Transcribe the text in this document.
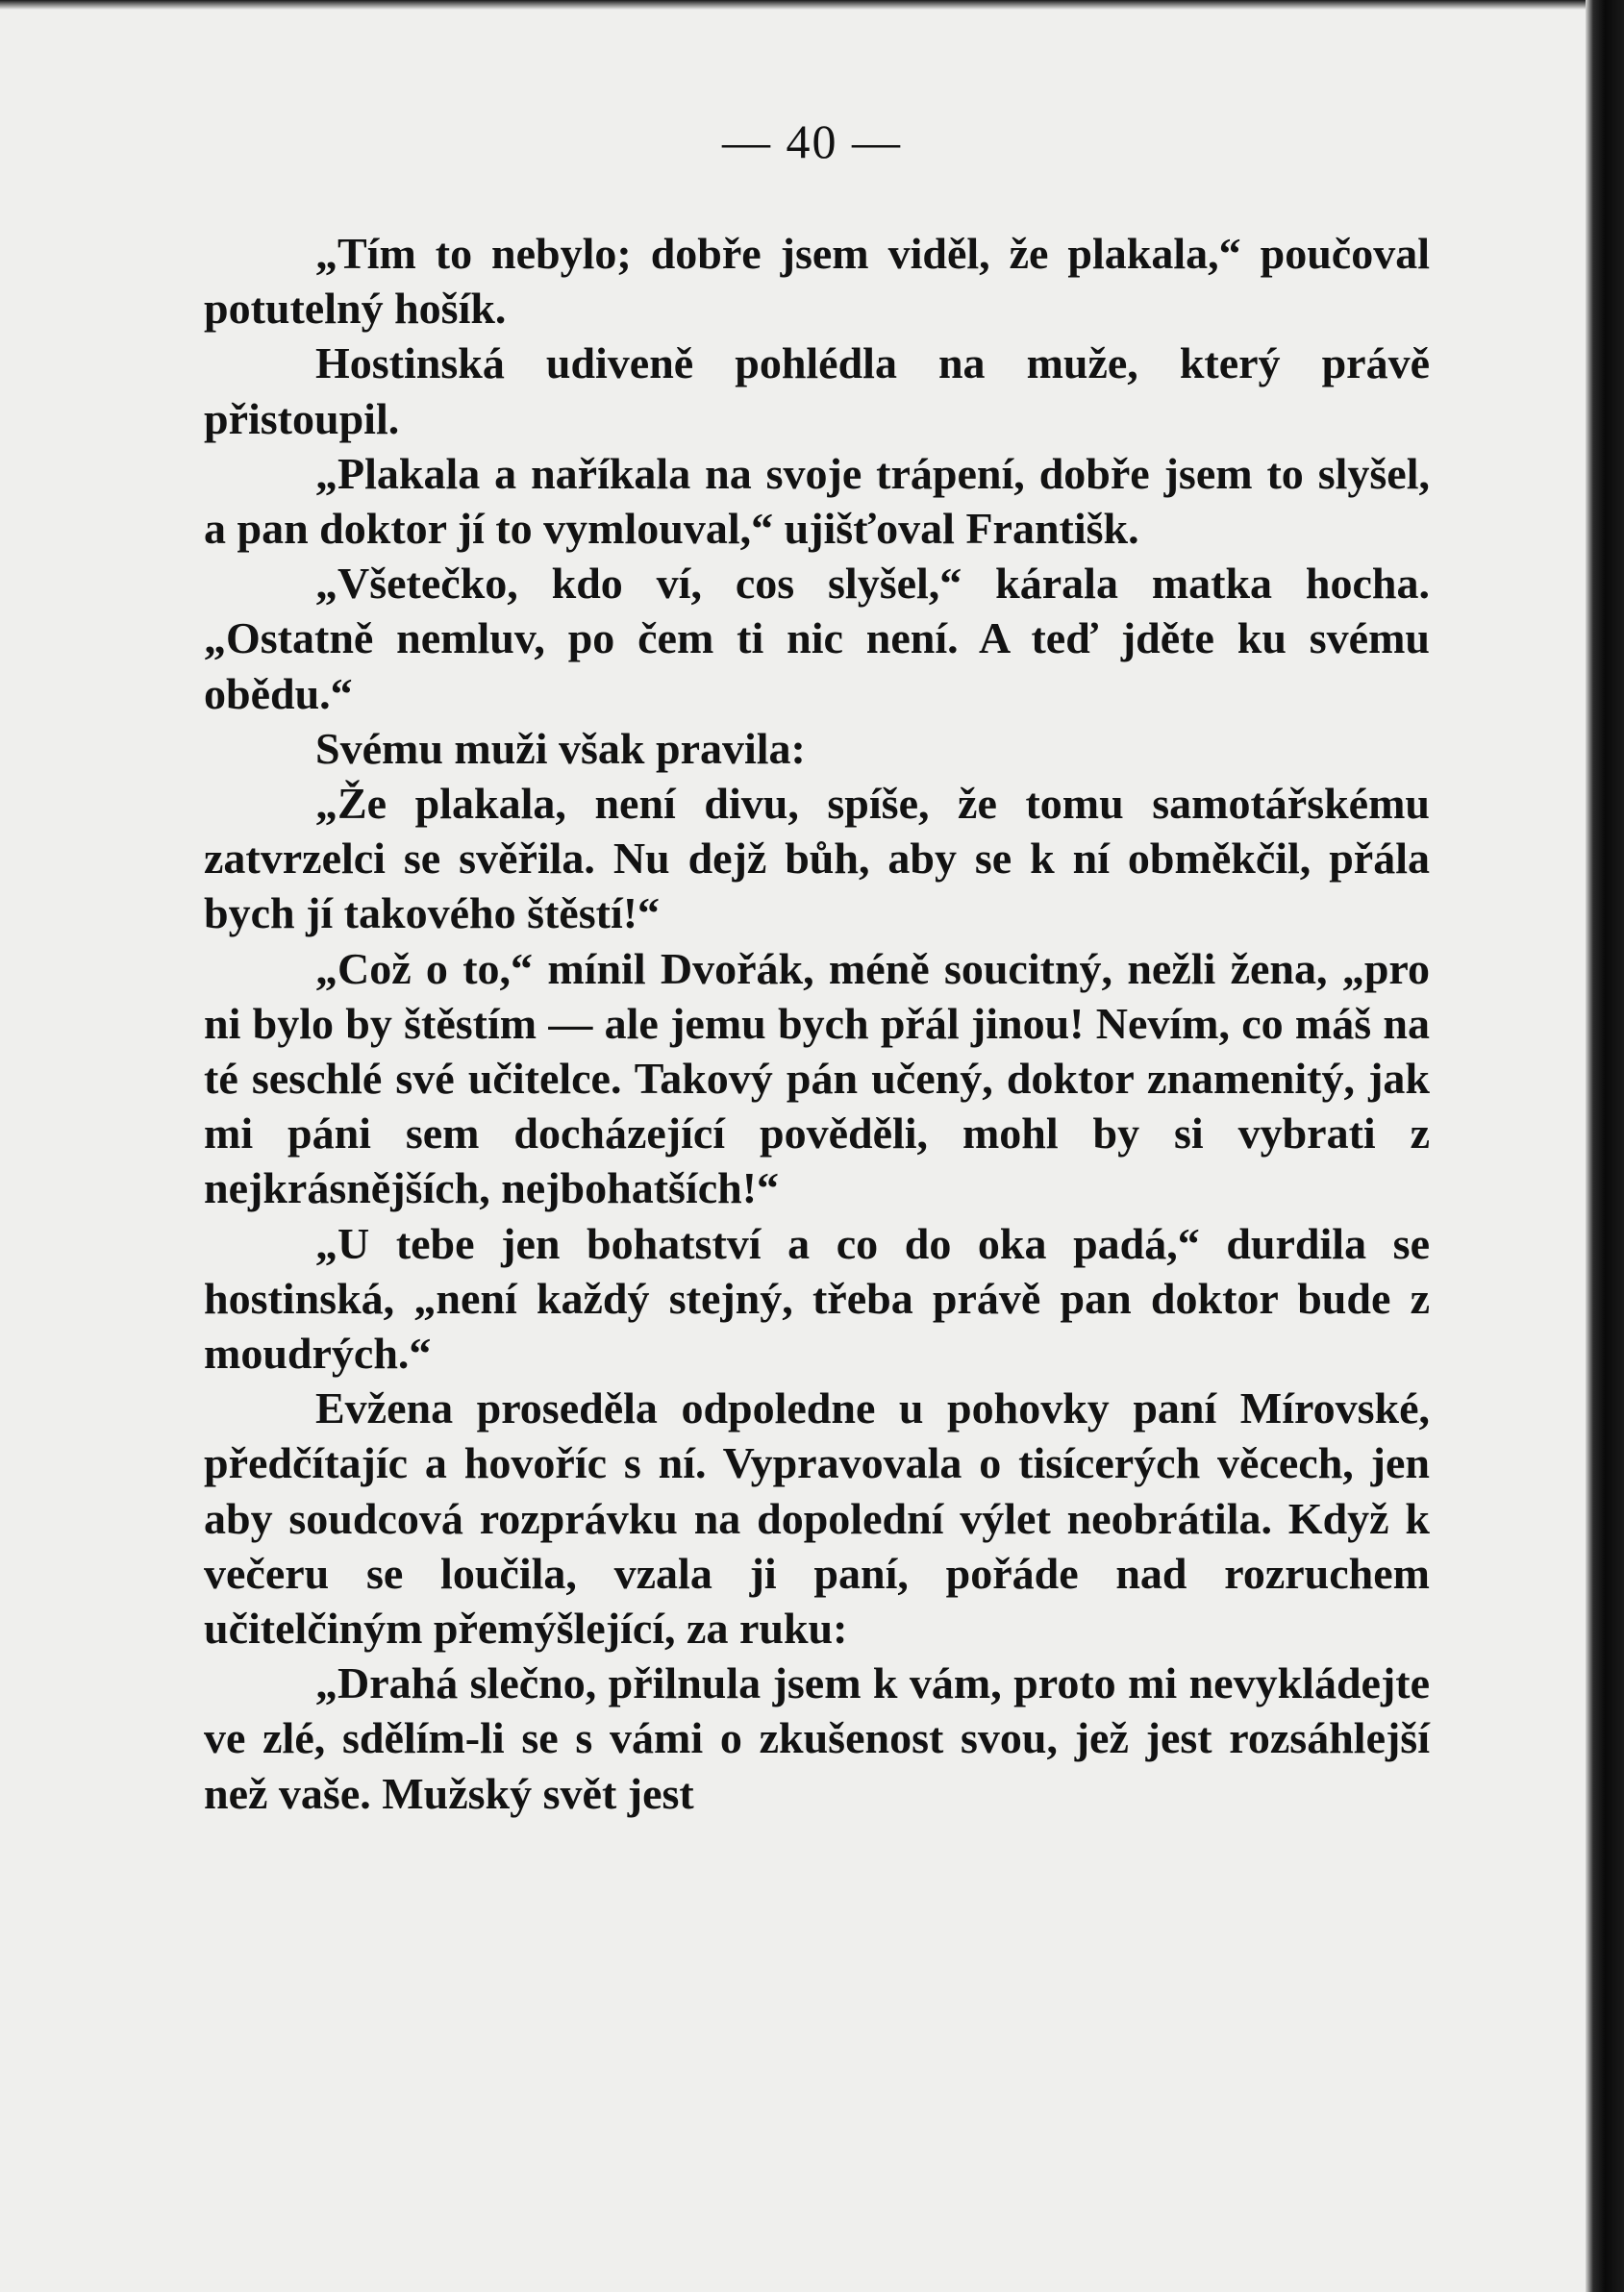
— 40 —

„Tím to nebylo; dobře jsem viděl, že plakala,“ poučoval potutelný hošík.

Hostinská udiveně pohlédla na muže, který právě přistoupil.

„Plakala a naříkala na svoje trápení, dobře jsem to slyšel, a pan doktor jí to vymlouval,“ ujišťoval Františk.

„Všetečko, kdo ví, cos slyšel,“ kárala matka hocha. „Ostatně nemluv, po čem ti nic není. A teď jděte ku svému obědu.“

Svému muži však pravila:

„Že plakala, není divu, spíše, že tomu samotářskému zatvrzelci se svěřila. Nu dejž bůh, aby se k ní obměkčil, přála bych jí takového štěstí!“

„Což o to,“ mínil Dvořák, méně soucitný, nežli žena, „pro ni bylo by štěstím — ale jemu bych přál jinou! Nevím, co máš na té seschlé své učitelce. Takový pán učený, doktor znamenitý, jak mi páni sem docházející pověděli, mohl by si vybrati z nejkrásnějších, nejbohatších!“

„U tebe jen bohatství a co do oka padá,“ durdila se hostinská, „není každý stejný, třeba právě pan doktor bude z moudrých.“

Evžena proseděla odpoledne u pohovky paní Mírovské, předčítajíc a hovoříc s ní. Vypravovala o tisícerých věcech, jen aby soudcová rozprávku na dopolední výlet neobrátila. Když k večeru se loučila, vzala ji paní, pořáde nad rozruchem učitelčiným přemýšlející, za ruku:

„Drahá slečno, přilnula jsem k vám, proto mi nevykládejte ve zlé, sdělím-li se s vámi o zkušenost svou, jež jest rozsáhlejší než vaše. Mužský svět jest
